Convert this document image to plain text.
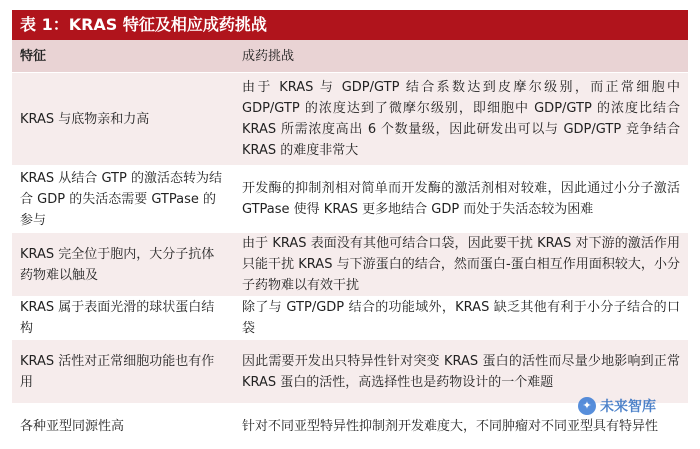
表 1：KRAS 特征及相应成药挑战
特征	成药挑战
KRAS 与底物亲和力高	由于 KRAS 与 GDP/GTP 结合系数达到皮摩尔级别，而正常细胞中 GDP/GTP 的浓度达到了微摩尔级别，即细胞中 GDP/GTP 的浓度比结合 KRAS 所需浓度高出 6 个数量级，因此研发出可以与 GDP/GTP 竞争结合 KRAS 的难度非常大
KRAS 从结合 GTP 的激活态转为结合 GDP 的失活态需要 GTPase 的参与	开发酶的抑制剂相对简单而开发酶的激活剂相对较难，因此通过小分子激活 GTPase 使得 KRAS 更多地结合 GDP 而处于失活态较为困难
KRAS 完全位于胞内，大分子抗体药物难以触及	由于 KRAS 表面没有其他可结合口袋，因此要干扰 KRAS 对下游的激活作用只能干扰 KRAS 与下游蛋白的结合，然而蛋白-蛋白相互作用面积较大，小分子药物难以有效干扰
KRAS 属于表面光滑的球状蛋白结构	除了与 GTP/GDP 结合的功能域外，KRAS 缺乏其他有利于小分子结合的口袋
KRAS 活性对正常细胞功能也有作用	因此需要开发出只特异性针对突变 KRAS 蛋白的活性而尽量少地影响到正常 KRAS 蛋白的活性，高选择性也是药物设计的一个难题
各种亚型同源性高	针对不同亚型特异性抑制剂开发难度大，不同肿瘤对不同亚型具有特异性
✦ 未来智库
